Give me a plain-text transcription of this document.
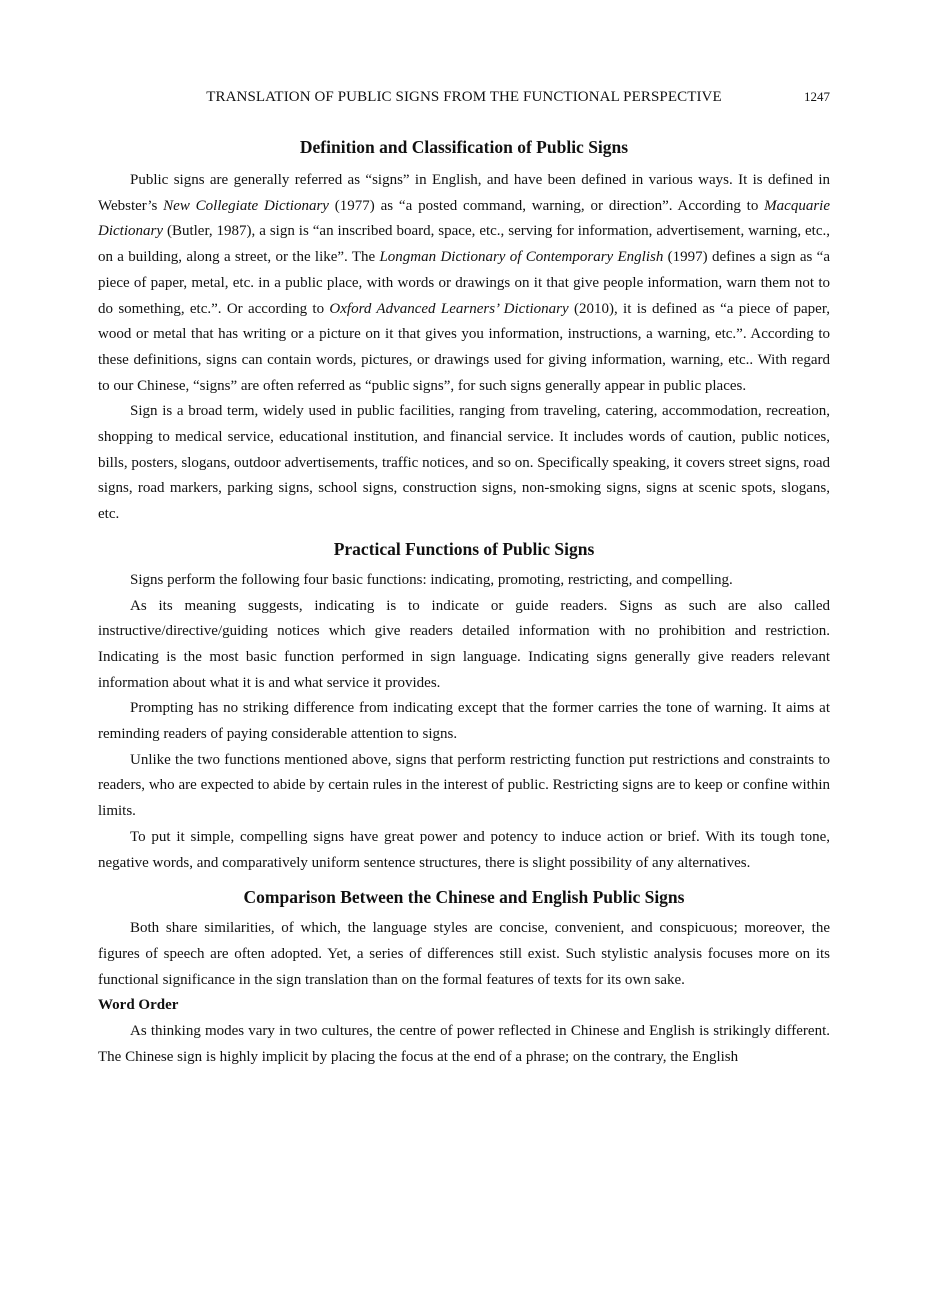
TRANSLATION OF PUBLIC SIGNS FROM THE FUNCTIONAL PERSPECTIVE	1247
Definition and Classification of Public Signs

Public signs are generally referred as “signs” in English, and have been defined in various ways. It is defined in Webster’s New Collegiate Dictionary (1977) as “a posted command, warning, or direction”. According to Macquarie Dictionary (Butler, 1987), a sign is “an inscribed board, space, etc., serving for information, advertisement, warning, etc., on a building, along a street, or the like”. The Longman Dictionary of Contemporary English (1997) defines a sign as “a piece of paper, metal, etc. in a public place, with words or drawings on it that give people information, warn them not to do something, etc.”. Or according to Oxford Advanced Learners’ Dictionary (2010), it is defined as “a piece of paper, wood or metal that has writing or a picture on it that gives you information, instructions, a warning, etc.”. According to these definitions, signs can contain words, pictures, or drawings used for giving information, warning, etc.. With regard to our Chinese, “signs” are often referred as “public signs”, for such signs generally appear in public places.

Sign is a broad term, widely used in public facilities, ranging from traveling, catering, accommodation, recreation, shopping to medical service, educational institution, and financial service. It includes words of caution, public notices, bills, posters, slogans, outdoor advertisements, traffic notices, and so on. Specifically speaking, it covers street signs, road signs, road markers, parking signs, school signs, construction signs, non-smoking signs, signs at scenic spots, slogans, etc.

Practical Functions of Public Signs

Signs perform the following four basic functions: indicating, promoting, restricting, and compelling.

As its meaning suggests, indicating is to indicate or guide readers. Signs as such are also called instructive/directive/guiding notices which give readers detailed information with no prohibition and restriction. Indicating is the most basic function performed in sign language. Indicating signs generally give readers relevant information about what it is and what service it provides.

Prompting has no striking difference from indicating except that the former carries the tone of warning. It aims at reminding readers of paying considerable attention to signs.

Unlike the two functions mentioned above, signs that perform restricting function put restrictions and constraints to readers, who are expected to abide by certain rules in the interest of public. Restricting signs are to keep or confine within limits.

To put it simple, compelling signs have great power and potency to induce action or brief. With its tough tone, negative words, and comparatively uniform sentence structures, there is slight possibility of any alternatives.

Comparison Between the Chinese and English Public Signs

Both share similarities, of which, the language styles are concise, convenient, and conspicuous; moreover, the figures of speech are often adopted. Yet, a series of differences still exist. Such stylistic analysis focuses more on its functional significance in the sign translation than on the formal features of texts for its own sake.

Word Order

As thinking modes vary in two cultures, the centre of power reflected in Chinese and English is strikingly different. The Chinese sign is highly implicit by placing the focus at the end of a phrase; on the contrary, the English
